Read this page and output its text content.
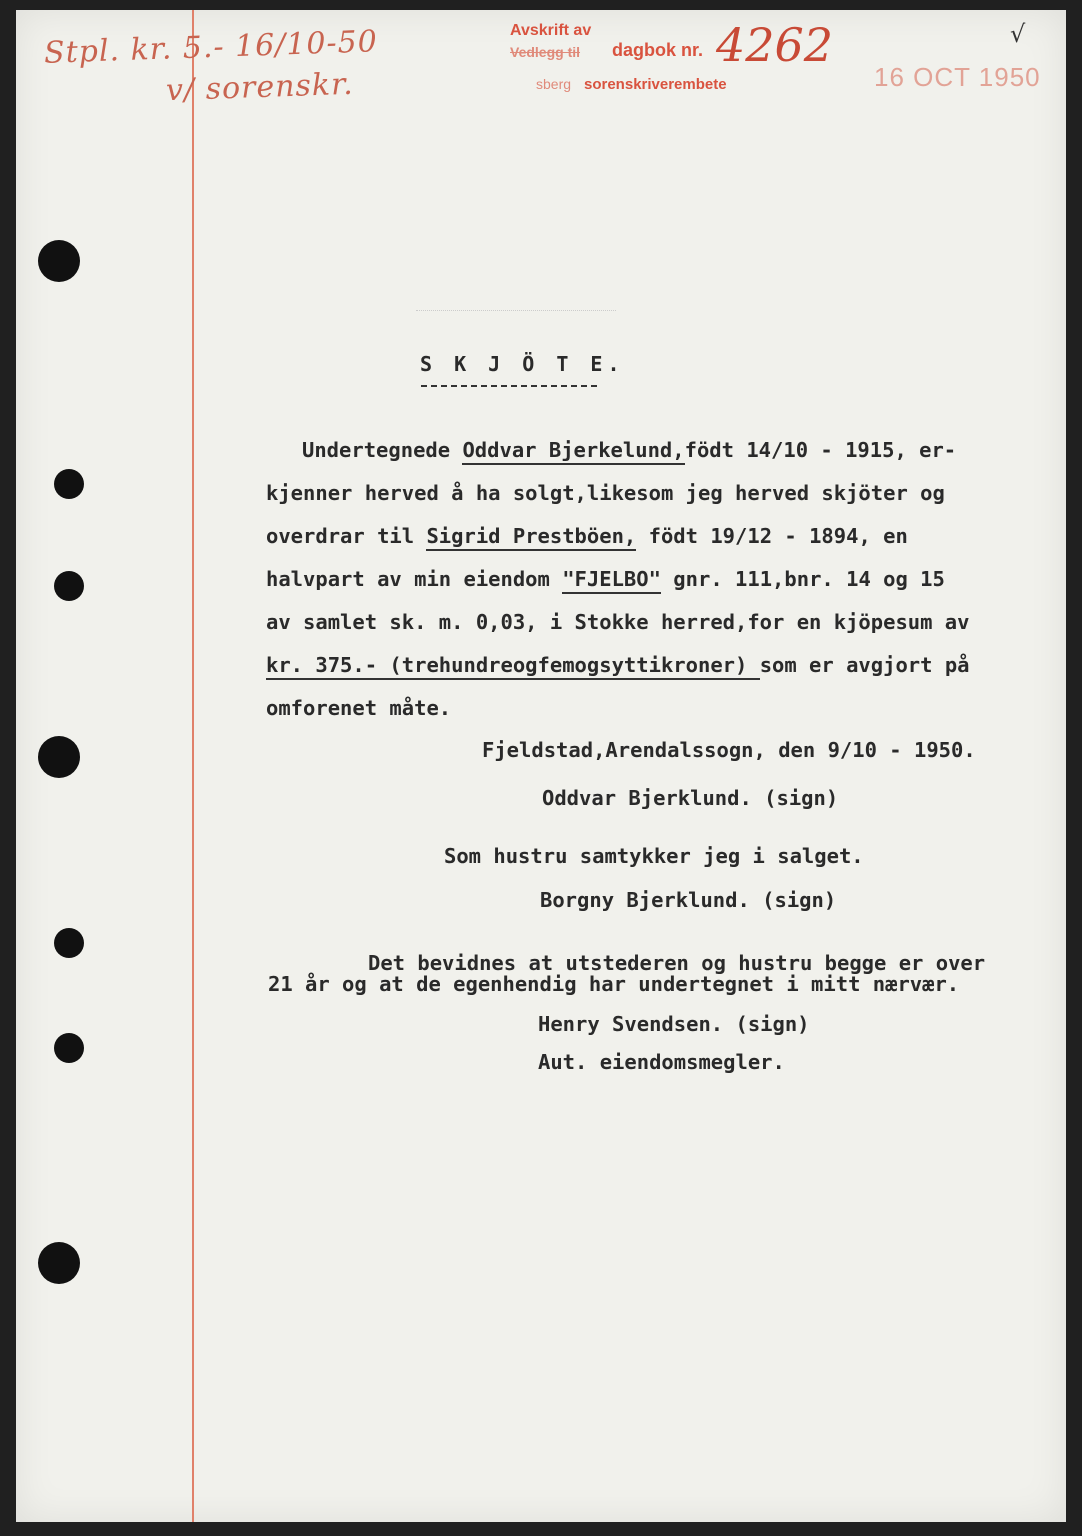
Stpl. kr. 5.- 16/10-50
v/ sorenskr.
Avskrift av
Vedlegg til dagbok nr. 4262
sberg sorenskriverembete	16 OCT 1950
√
S K J Ö T E.
Undertegnede Oddvar Bjerkelund,födt 14/10 - 1915, er-
kjenner herved å ha solgt,likesom jeg herved skjöter og
overdrar til Sigrid Prestböen, födt 19/12 - 1894, en
halvpart av min eiendom "FJELBO" gnr. 111,bnr. 14 og 15
av samlet sk. m. 0,03, i Stokke herred,for en kjöpesum av
kr. 375.- (trehundreogfemogsyttikroner) som er avgjort på
omforenet måte.
Fjeldstad,Arendalssogn, den 9/10 - 1950.
Oddvar Bjerklund. (sign)
Som hustru samtykker jeg i salget.
Borgny Bjerklund. (sign)
Det bevidnes at utstederen og hustru begge er over
21 år og at de egenhendig har undertegnet i mitt nærvær.
Henry Svendsen. (sign)
Aut. eiendomsmegler.
